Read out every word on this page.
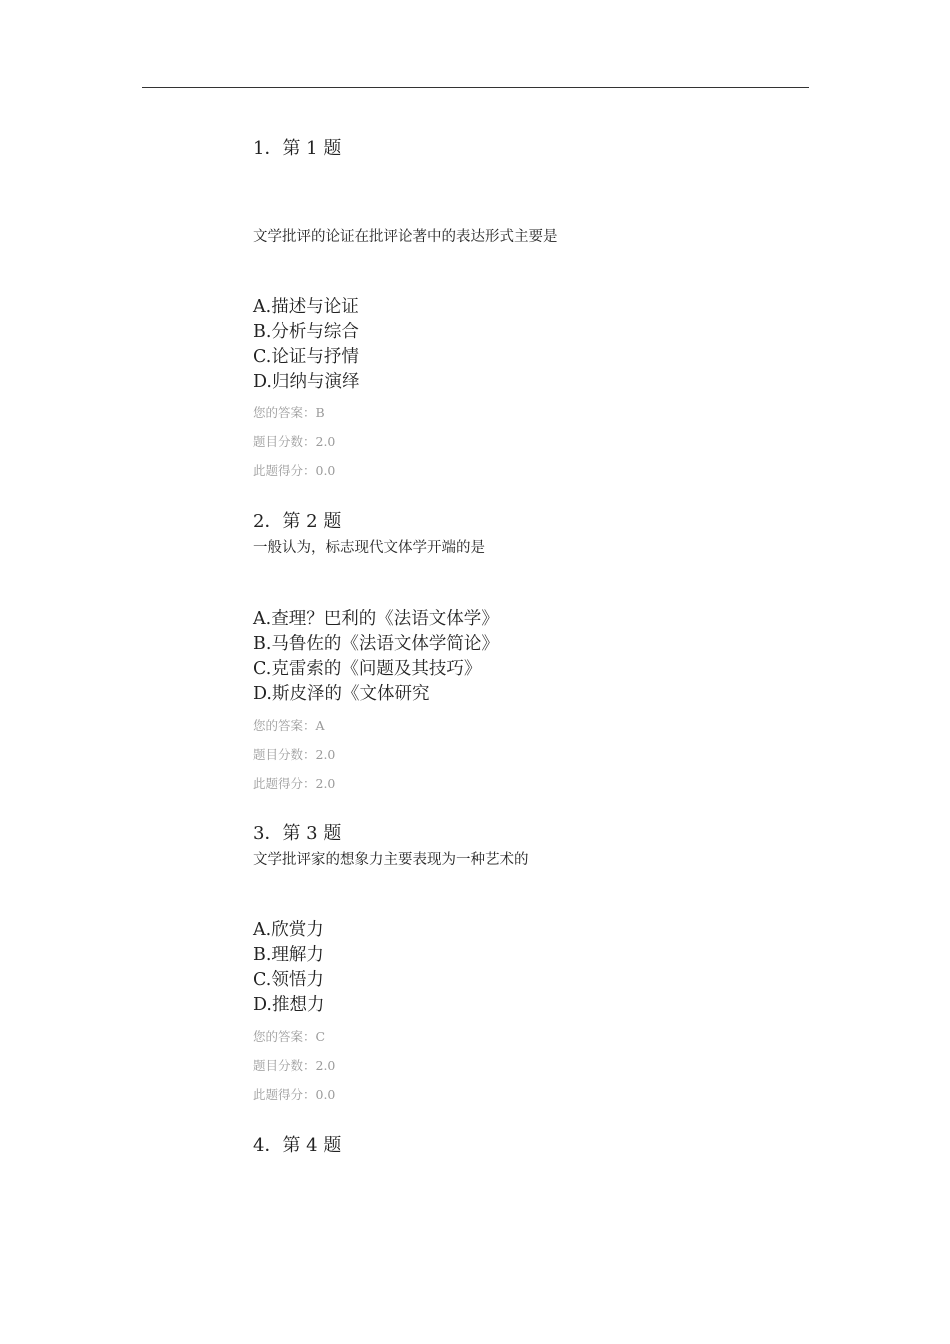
1．第 1 题
文学批评的论证在批评论著中的表达形式主要是
A.描述与论证
B.分析与综合
C.论证与抒情
D.归纳与演绎
您的答案：B
题目分数：2.0
此题得分：0.0
2．第 2 题
一般认为，标志现代文体学开端的是
A.查理？巴利的《法语文体学》
B.马鲁佐的《法语文体学简论》
C.克雷索的《问题及其技巧》
D.斯皮泽的《文体研究
您的答案：A
题目分数：2.0
此题得分：2.0
3．第 3 题
文学批评家的想象力主要表现为一种艺术的
A.欣赏力
B.理解力
C.领悟力
D.推想力
您的答案：C
题目分数：2.0
此题得分：0.0
4．第 4 题
